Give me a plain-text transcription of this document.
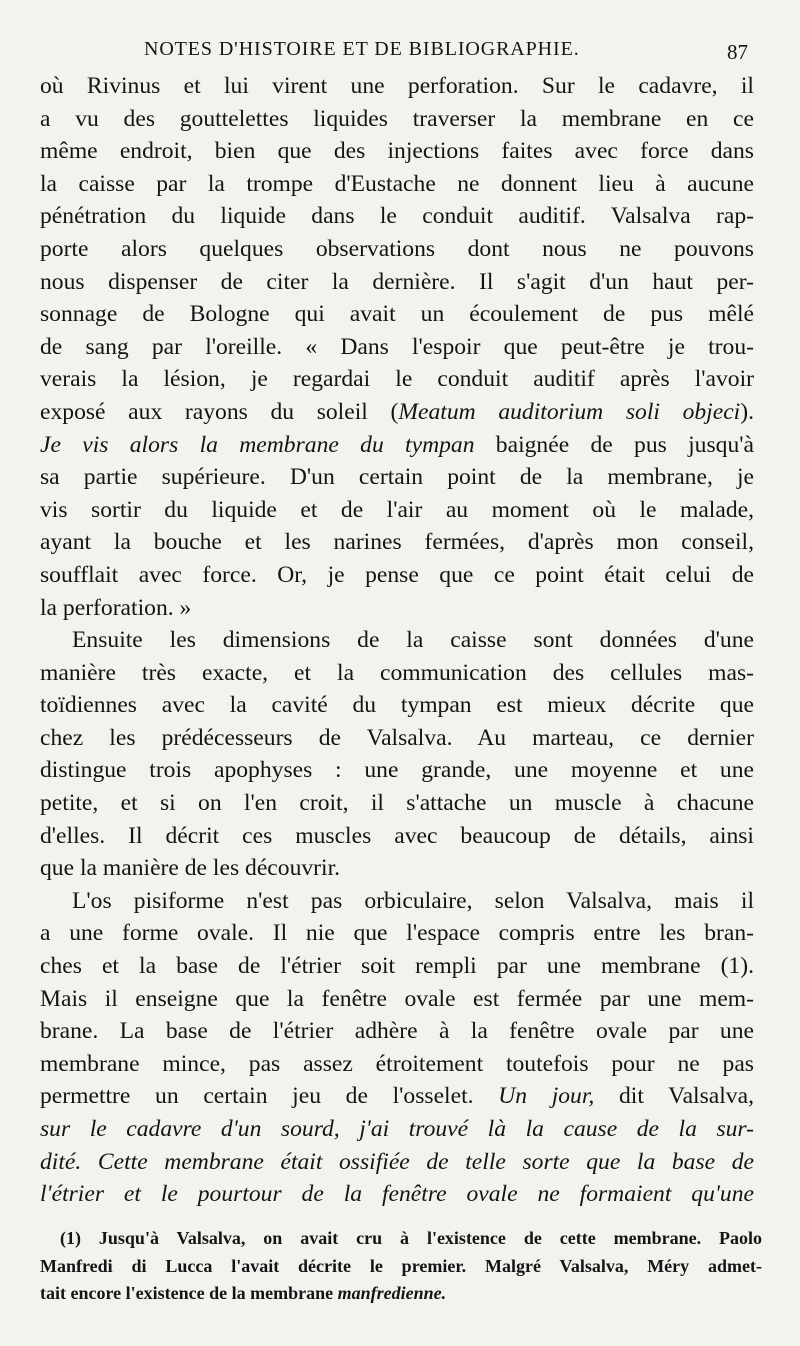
NOTES D'HISTOIRE ET DE BIBLIOGRAPHIE.	87
où Rivinus et lui virent une perforation. Sur le cadavre, il
a vu des gouttelettes liquides traverser la membrane en ce
même endroit, bien que des injections faites avec force dans
la caisse par la trompe d'Eustache ne donnent lieu à aucune
pénétration du liquide dans le conduit auditif. Valsalva rap-
porte alors quelques observations dont nous ne pouvons
nous dispenser de citer la dernière. Il s'agit d'un haut per-
sonnage de Bologne qui avait un écoulement de pus mêlé
de sang par l'oreille. « Dans l'espoir que peut-être je trou-
verais la lésion, je regardai le conduit auditif après l'avoir
exposé aux rayons du soleil (Meatum auditorium soli objeci).
Je vis alors la membrane du tympan baignée de pus jusqu'à
sa partie supérieure. D'un certain point de la membrane, je
vis sortir du liquide et de l'air au moment où le malade,
ayant la bouche et les narines fermées, d'après mon conseil,
soufflait avec force. Or, je pense que ce point était celui de
la perforation. »
Ensuite les dimensions de la caisse sont données d'une
manière très exacte, et la communication des cellules mas-
toïdiennes avec la cavité du tympan est mieux décrite que
chez les prédécesseurs de Valsalva. Au marteau, ce dernier
distingue trois apophyses : une grande, une moyenne et une
petite, et si on l'en croit, il s'attache un muscle à chacune
d'elles. Il décrit ces muscles avec beaucoup de détails, ainsi
que la manière de les découvrir.
L'os pisiforme n'est pas orbiculaire, selon Valsalva, mais il
a une forme ovale. Il nie que l'espace compris entre les bran-
ches et la base de l'étrier soit rempli par une membrane (1).
Mais il enseigne que la fenêtre ovale est fermée par une mem-
brane. La base de l'étrier adhère à la fenêtre ovale par une
membrane mince, pas assez étroitement toutefois pour ne pas
permettre un certain jeu de l'osselet. Un jour, dit Valsalva,
sur le cadavre d'un sourd, j'ai trouvé là la cause de la sur-
dité. Cette membrane était ossifiée de telle sorte que la base de
l'étrier et le pourtour de la fenêtre ovale ne formaient qu'une
(1) Jusqu'à Valsalva, on avait cru à l'existence de cette membrane. Paolo
Manfredi di Lucca l'avait décrite le premier. Malgré Valsalva, Méry admet-
tait encore l'existence de la membrane manfredienne.
